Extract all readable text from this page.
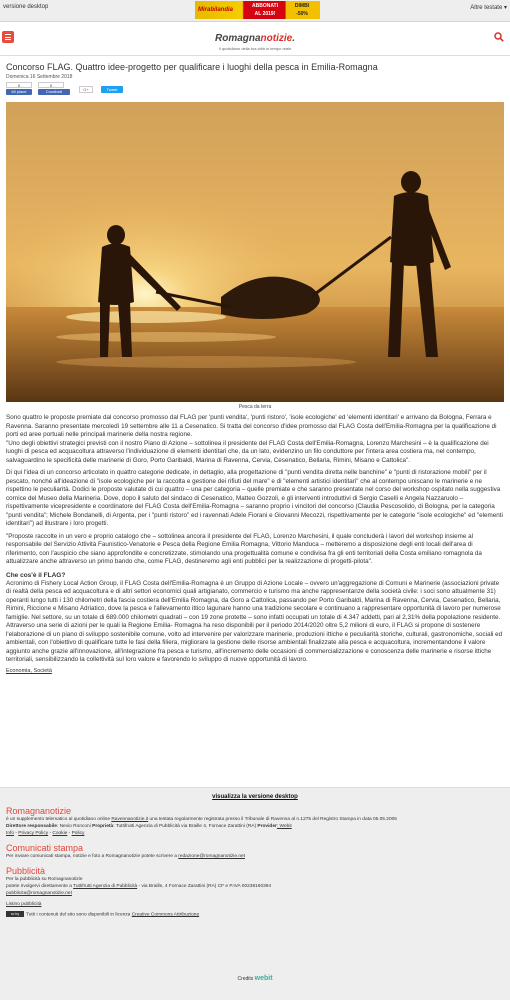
versione desktop	Mirabilandia
ABBONATI
AL 2019!
DIMBI
-50%
Altre testate ▾
Romagnanotizie.
Il quotidiano della tua città in tempo reale
Concorso FLAG. Quattro idee-progetto per qualificare i luoghi della pesca in Emilia-Romagna
Domenica 16 Settembre 2018
0
Mi piace
0
Condividi	G+	Tweet
Pesca da terra

Sono quattro le proposte premiate dal concorso promosso dal FLAG per 'punti vendita', 'punti ristoro', 'isole ecologiche' ed 'elementi identitari' e arrivano da Bologna, Ferrara e Ravenna. Saranno presentate mercoledì 19 settembre alle 11 a Cesenatico. Si tratta del concorso d'idee promosso dal FLAG Costa dell'Emilia-Romagna per la qualificazione di porti ed aree portuali nelle principali marinerie della nostra regione.
"Uno degli obiettivi strategici previsti con il nostro Piano di Azione – sottolinea il presidente del FLAG Costa dell'Emilia-Romagna, Lorenzo Marchesini – è la qualificazione dei luoghi di pesca ed acquacoltura attraverso l'individuazione di elementi identitari che, da un lato, evidenzino un filo conduttore per l'intera area costiera ma, nel contempo, salvaguardino le specificità delle marinerie di Goro, Porto Garibaldi, Marina di Ravenna, Cervia, Cesenatico, Bellaria, Rimini, Misano e Cattolica".

Di qui l'idea di un concorso articolato in quattro categorie dedicate, in dettaglio, alla progettazione di "punti vendita diretta nelle banchine" e "punti di ristorazione mobili" per il pescato, nonché all'ideazione di "isole ecologiche per la raccolta e gestione dei rifiuti del mare" e di "elementi artistici identitari" che al contempo uniscano le marinerie e ne rispettino le peculiarità. Dodici le proposte valutate di cui quattro – una per categoria – quelle premiate e che saranno presentate nel corso del workshop ospitato nella suggestiva cornice del Museo della Marineria. Dove, dopo il saluto del sindaco di Cesenatico, Matteo Gozzoli, e gli interventi introduttivi di Sergio Caselli e Angela Nazzaruolo – rispettivamente vicepresidente e coordinatore del FLAG Costa dell'Emilia-Romagna – saranno proprio i vincitori del concorso (Claudia Pescosolido, di Bologna, per la categoria "punti vendita"; Michele Bondanelli, di Argenta, per i "punti ristoro" ed i ravennati Adele Fiorani e Giovanni Mecozzi, rispettivamente per le categorie "isole ecologiche" ed "elementi identitari") ad illustrare i loro progetti.

"Proposte raccolte in un vero e proprio catalogo che – sottolinea ancora il presidente del FLAG, Lorenzo Marchesini, il quale concluderà i lavori del workshop insieme al responsabile del Servizio Attività Faunistico-Venatorie e Pesca della Regione Emilia Romagna, Vittorio Manduca – metteremo a disposizione degli enti locali dell'area di riferimento, con l'auspicio che siano approfondite e concretizzate, stimolando una progettualità comune e condivisa fra gli enti territoriali della Costa emiliano romagnola da attualizzare anche attraverso un primo bando che, come FLAG, destineremo agli enti pubblici per la realizzazione di progetti-pilota".

Che cos'è il FLAG?

Acronimo di Fishery Local Action Group, il FLAG Costa dell'Emilia-Romagna è un Gruppo di Azione Locale – ovvero un'aggregazione di Comuni e Marinerie (associazioni private di realtà della pesca ed acquacoltura e di altri settori economici quali artigianato, commercio e turismo ma anche rappresentanze della società civile: i soci sono attualmente 31) operanti lungo tutti i 130 chilometri della fascia costiera dell'Emilia Romagna, da Goro a Cattolica, passando per Porto Garibaldi, Marina di Ravenna, Cervia, Cesenatico, Bellaria, Rimini, Riccione e Misano Adriatico, dove la pesca e l'allevamento ittico lagunare hanno una tradizione secolare e continuano a rappresentare opportunità di lavoro per numerose famiglie. Nel settore, su un totale di 689.000 chilometri quadrati – con 19 zone protette – sono infatti occupati un totale di 4.347 addetti, pari al 2,31% della popolazione residente. Attraverso una serie di azioni per le quali la Regione Emilia- Romagna ha reso disponibili per il periodo 2014/2020 oltre 5,2 milioni di euro, il FLAG si propone di sostenere l'elaborazione di un piano di sviluppo sostenibile comune, volto ad intervenire per valorizzare marinerie, produzioni ittiche e peculiarità storiche, culturali, gastronomiche, sociali ed ambientali, con l'obiettivo di qualificare tutte le fasi della filiera, migliorare la gestione delle risorse ambientali finalizzate alla pesca e acquacoltura, incrementandone il valore aggiunto anche grazie all'innovazione, all'integrazione fra pesca e turismo, all'incremento delle occasioni di commercializzazione e conoscenza delle marinerie e risorse ittiche territoriali, sensibilizzando la collettività sul loro valore e favorendo lo sviluppo di nuove opportunità di lavoro.

Economia, Società
visualizza la versione desktop
Romagnanotizie

è un supplemento telematico al quotidiano online Ravennanotizie.it una testata regolarmente registrata presso il Tribunale di Ravenna al n.1275 del Registro Stampa in data 05.05.2006

Direttore responsabile: Nevio Ronconi Proprietà: Tuttifrutti Agenzia di Pubblicità via Braille 4, Fornace Zarattini (RA) Provider: Webit

Info - Privacy Policy - Cookie - Policy

Comunicati stampa

Per inviare comunicati stampa, notizie e foto a Romagnanotizie potete scrivere a redazione@romagnanotizie.net

Pubblicità

Per la pubblicità su Romagnanotizie

potete rivolgervi direttamente a Tuttifrutti Agenzia di Pubblicità - via Braille, 4 Fornace Zarattini (RA) CF e P.IVA 00238160394

pubblicita@romagnanotizie.net

Listino pubblicità

cc by Tutti i contenuti del sito sono disponibili in licenza Creative Commons Attribuzione

Credits webit
